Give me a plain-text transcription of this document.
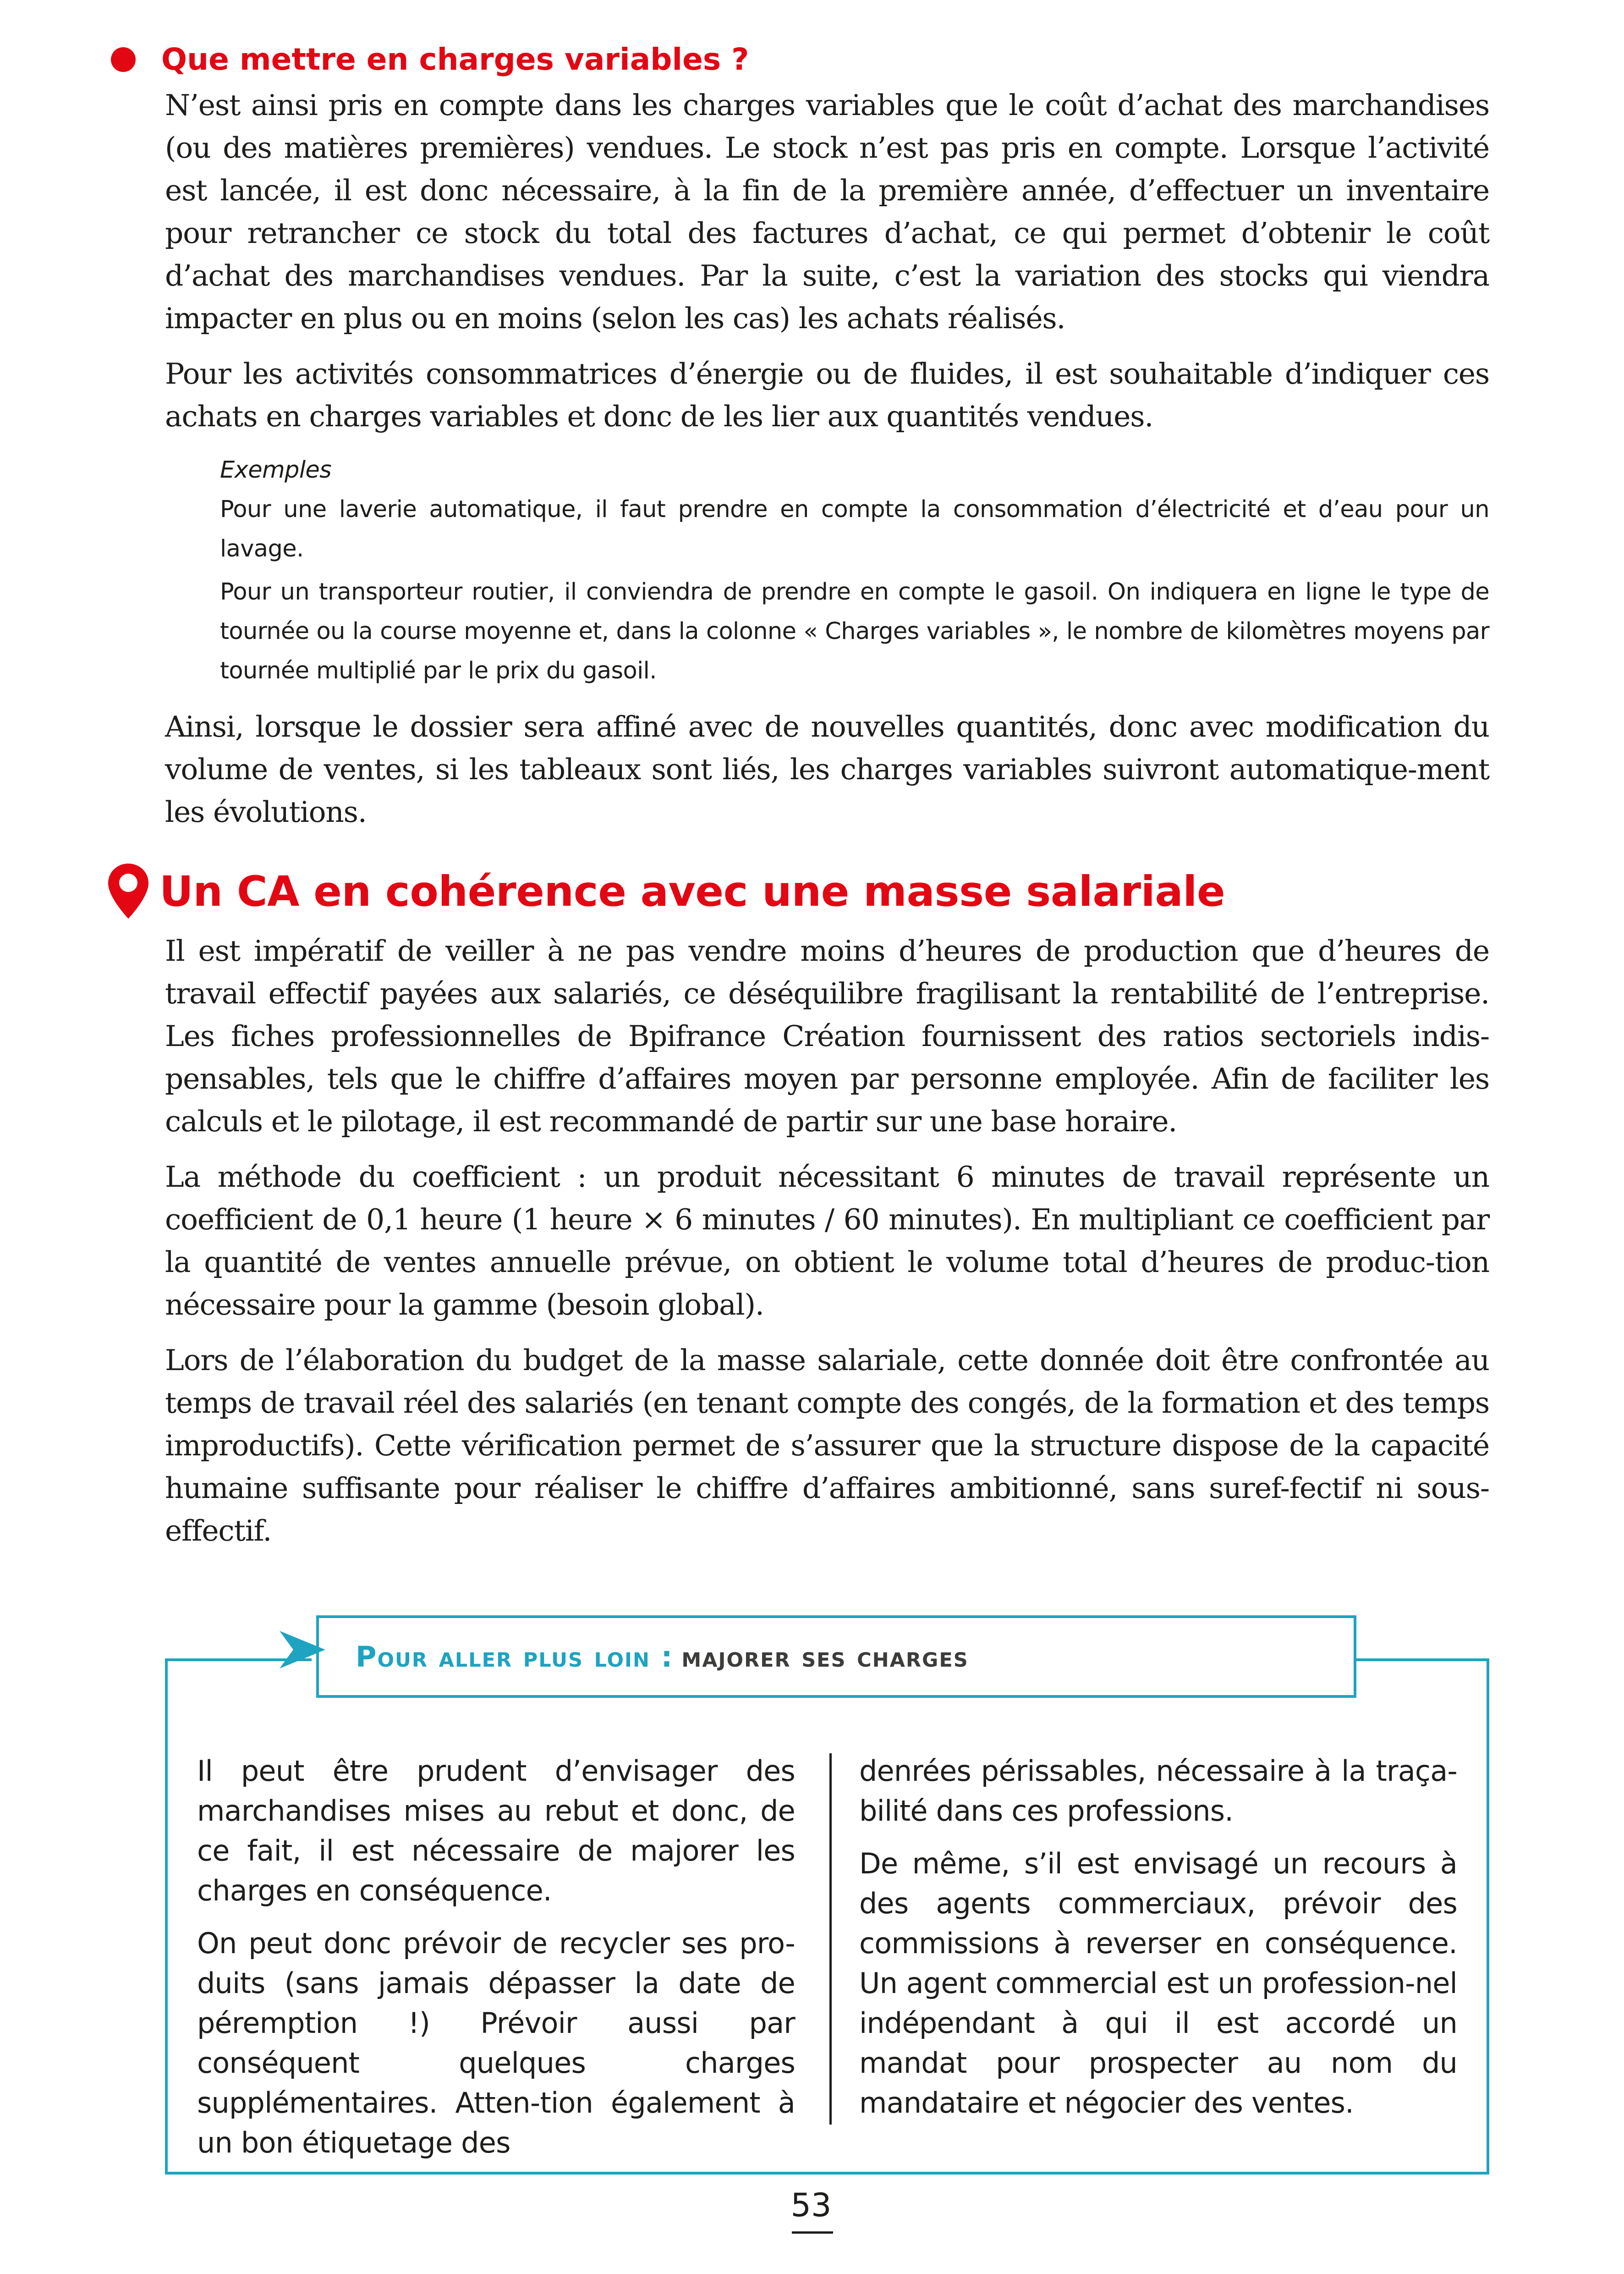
Que mettre en charges variables ?

N’est ainsi pris en compte dans les charges variables que le coût d’achat des marchandises (ou des matières premières) vendues. Le stock n’est pas pris en compte. Lorsque l’activité est lancée, il est donc nécessaire, à la fin de la première année, d’effectuer un inventaire pour retrancher ce stock du total des factures d’achat, ce qui permet d’obtenir le coût d’achat des marchandises vendues. Par la suite, c’est la variation des stocks qui viendra impacter en plus ou en moins (selon les cas) les achats réalisés.

Pour les activités consommatrices d’énergie ou de fluides, il est souhaitable d’indiquer ces achats en charges variables et donc de les lier aux quantités vendues.

Exemples

Pour une laverie automatique, il faut prendre en compte la consommation d’électricité et d’eau pour un lavage.

Pour un transporteur routier, il conviendra de prendre en compte le gasoil. On indiquera en ligne le type de tournée ou la course moyenne et, dans la colonne « Charges variables », le nombre de kilomètres moyens par tournée multiplié par le prix du gasoil.

Ainsi, lorsque le dossier sera affiné avec de nouvelles quantités, donc avec modification du volume de ventes, si les tableaux sont liés, les charges variables suivront automatique-ment les évolutions.

Un CA en cohérence avec une masse salariale

Il est impératif de veiller à ne pas vendre moins d’heures de production que d’heures de travail effectif payées aux salariés, ce déséquilibre fragilisant la rentabilité de l’entreprise. Les fiches professionnelles de Bpifrance Création fournissent des ratios sectoriels indis-pensables, tels que le chiffre d’affaires moyen par personne employée. Afin de faciliter les calculs et le pilotage, il est recommandé de partir sur une base horaire.

La méthode du coefficient : un produit nécessitant 6 minutes de travail représente un coefficient de 0,1 heure (1 heure × 6 minutes / 60 minutes). En multipliant ce coefficient par la quantité de ventes annuelle prévue, on obtient le volume total d’heures de produc-tion nécessaire pour la gamme (besoin global).

Lors de l’élaboration du budget de la masse salariale, cette donnée doit être confrontée au temps de travail réel des salariés (en tenant compte des congés, de la formation et des temps improductifs). Cette vérification permet de s’assurer que la structure dispose de la capacité humaine suffisante pour réaliser le chiffre d’affaires ambitionné, sans suref-fectif ni sous-effectif.

Pour aller plus loin : majorer ses charges

Il peut être prudent d’envisager des marchandises mises au rebut et donc, de ce fait, il est nécessaire de majorer les charges en conséquence.

On peut donc prévoir de recycler ses pro-duits (sans jamais dépasser la date de péremption !) Prévoir aussi par conséquent quelques charges supplémentaires. Atten-tion également à un bon étiquetage des

denrées périssables, nécessaire à la traça-bilité dans ces professions.

De même, s’il est envisagé un recours à des agents commerciaux, prévoir des commissions à reverser en conséquence. Un agent commercial est un profession-nel indépendant à qui il est accordé un mandat pour prospecter au nom du mandataire et négocier des ventes.

53
